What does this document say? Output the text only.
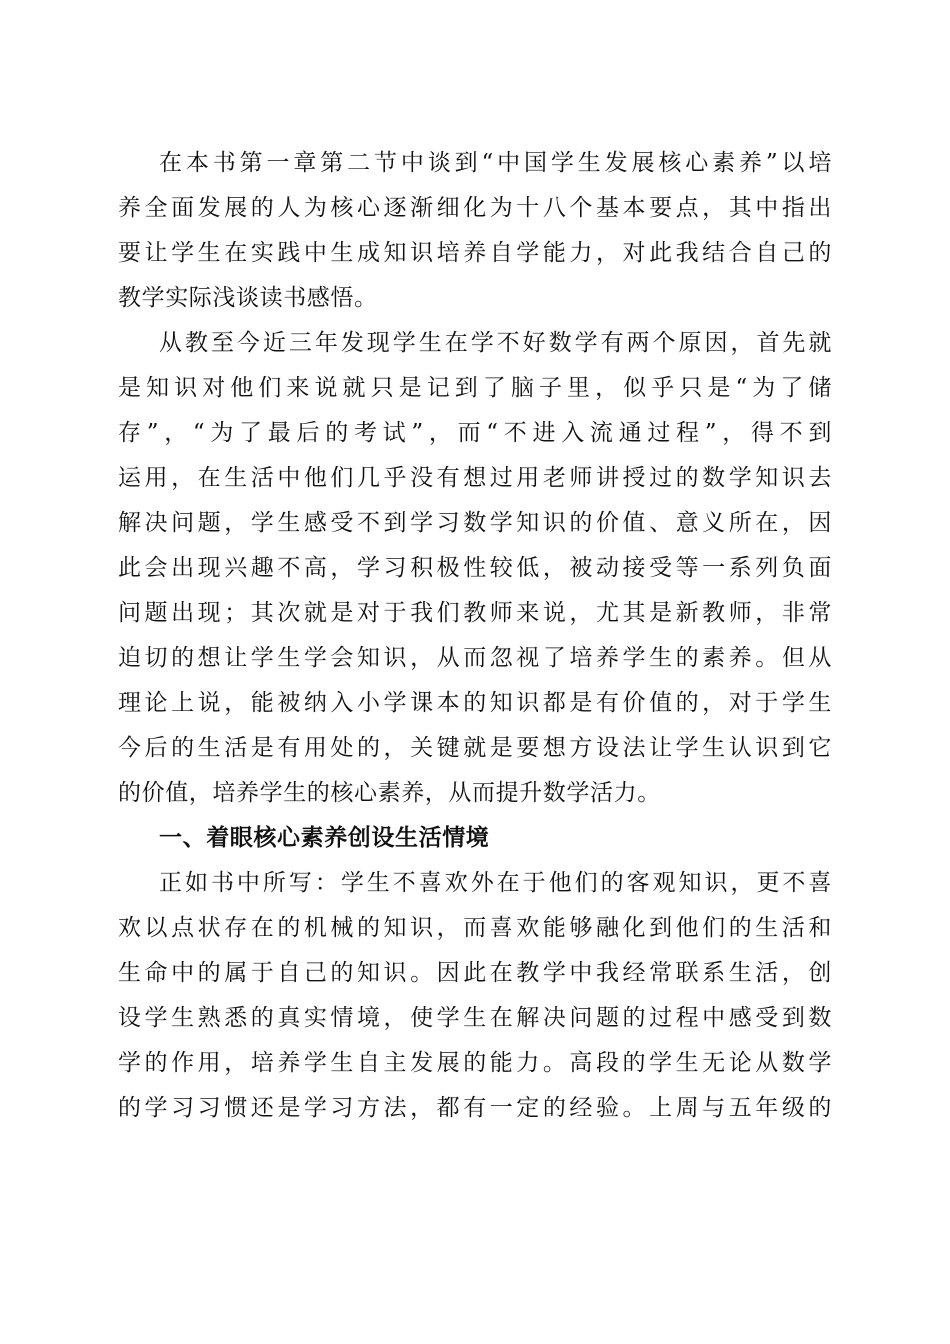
在本书第一章第二节中谈到“中国学生发展核心素养”以培
养全面发展的人为核心逐渐细化为十八个基本要点，其中指出
要让学生在实践中生成知识培养自学能力，对此我结合自己的
教学实际浅谈读书感悟。
从教至今近三年发现学生在学不好数学有两个原因，首先就
是知识对他们来说就只是记到了脑子里，似乎只是“为了储
存”，“为了最后的考试”，而“不进入流通过程”，得不到
运用，在生活中他们几乎没有想过用老师讲授过的数学知识去
解决问题，学生感受不到学习数学知识的价值、意义所在，因
此会出现兴趣不高，学习积极性较低，被动接受等一系列负面
问题出现；其次就是对于我们教师来说，尤其是新教师，非常
迫切的想让学生学会知识，从而忽视了培养学生的素养。但从
理论上说，能被纳入小学课本的知识都是有价值的，对于学生
今后的生活是有用处的，关键就是要想方设法让学生认识到它
的价值，培养学生的核心素养，从而提升数学活力。
一、着眼核心素养创设生活情境
正如书中所写：学生不喜欢外在于他们的客观知识，更不喜
欢以点状存在的机械的知识，而喜欢能够融化到他们的生活和
生命中的属于自己的知识。因此在教学中我经常联系生活，创
设学生熟悉的真实情境，使学生在解决问题的过程中感受到数
学的作用，培养学生自主发展的能力。高段的学生无论从数学
的学习习惯还是学习方法，都有一定的经验。上周与五年级的
